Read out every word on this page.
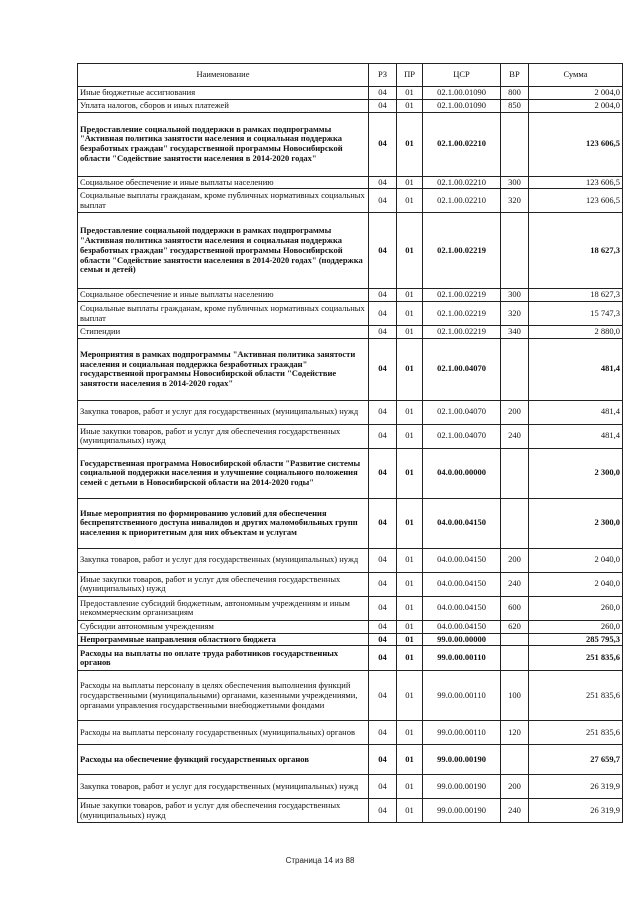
Наименование	РЗ	ПР	ЦСР	ВР	Сумма
Иные бюджетные ассигнования	04	01	02.1.00.01090	800	2 004,0
Уплата налогов, сборов и иных платежей	04	01	02.1.00.01090	850	2 004,0
Предоставление социальной поддержки в рамках подпрограммы "Активная политика занятости населения и социальная поддержка безработных граждан" государственной программы Новосибирской области "Содействие занятости населения в 2014-2020 годах"	04	01	02.1.00.02210		123 606,5
Социальное обеспечение и иные выплаты населению	04	01	02.1.00.02210	300	123 606,5
Социальные выплаты гражданам, кроме публичных нормативных социальных выплат	04	01	02.1.00.02210	320	123 606,5
Предоставление социальной поддержки в рамках подпрограммы "Активная политика занятости населения и социальная поддержка безработных граждан" государственной программы Новосибирской области "Содействие занятости населения в 2014-2020 годах" (поддержка семьи и детей)	04	01	02.1.00.02219		18 627,3
Социальное обеспечение и иные выплаты населению	04	01	02.1.00.02219	300	18 627,3
Социальные выплаты гражданам, кроме публичных нормативных социальных выплат	04	01	02.1.00.02219	320	15 747,3
Стипендии	04	01	02.1.00.02219	340	2 880,0
Мероприятия в рамках подпрограммы "Активная политика занятости населения и социальная поддержка безработных граждан" государственной программы Новосибирской области "Содействие занятости населения в 2014-2020 годах"	04	01	02.1.00.04070		481,4
Закупка товаров, работ и услуг для государственных (муниципальных) нужд	04	01	02.1.00.04070	200	481,4
Иные закупки товаров, работ и услуг для обеспечения государственных (муниципальных) нужд	04	01	02.1.00.04070	240	481,4
Государственная программа Новосибирской области "Развитие системы социальной поддержки населения и улучшение социального положения семей с детьми в Новосибирской области на 2014-2020 годы"	04	01	04.0.00.00000		2 300,0
Иные мероприятия по формированию условий для обеспечения беспрепятственного доступа инвалидов и других маломобильных групп населения к приоритетным для них объектам и услугам	04	01	04.0.00.04150		2 300,0
Закупка товаров, работ и услуг для государственных (муниципальных) нужд	04	01	04.0.00.04150	200	2 040,0
Иные закупки товаров, работ и услуг для обеспечения государственных (муниципальных) нужд	04	01	04.0.00.04150	240	2 040,0
Предоставление субсидий бюджетным, автономным учреждениям и иным некоммерческим организациям	04	01	04.0.00.04150	600	260,0
Субсидии автономным учреждениям	04	01	04.0.00.04150	620	260,0
Непрограммные направления областного бюджета	04	01	99.0.00.00000		285 795,3
Расходы на выплаты по оплате труда работников государственных органов	04	01	99.0.00.00110		251 835,6
Расходы на выплаты персоналу в целях обеспечения выполнения функций государственными (муниципальными) органами, казенными учреждениями, органами управления государственными внебюджетными фондами	04	01	99.0.00.00110	100	251 835,6
Расходы на выплаты персоналу государственных (муниципальных) органов	04	01	99.0.00.00110	120	251 835,6
Расходы на обеспечение функций государственных органов	04	01	99.0.00.00190		27 659,7
Закупка товаров, работ и услуг для государственных (муниципальных) нужд	04	01	99.0.00.00190	200	26 319,9
Иные закупки товаров, работ и услуг для обеспечения государственных (муниципальных) нужд	04	01	99.0.00.00190	240	26 319,9
Страница 14 из 88
